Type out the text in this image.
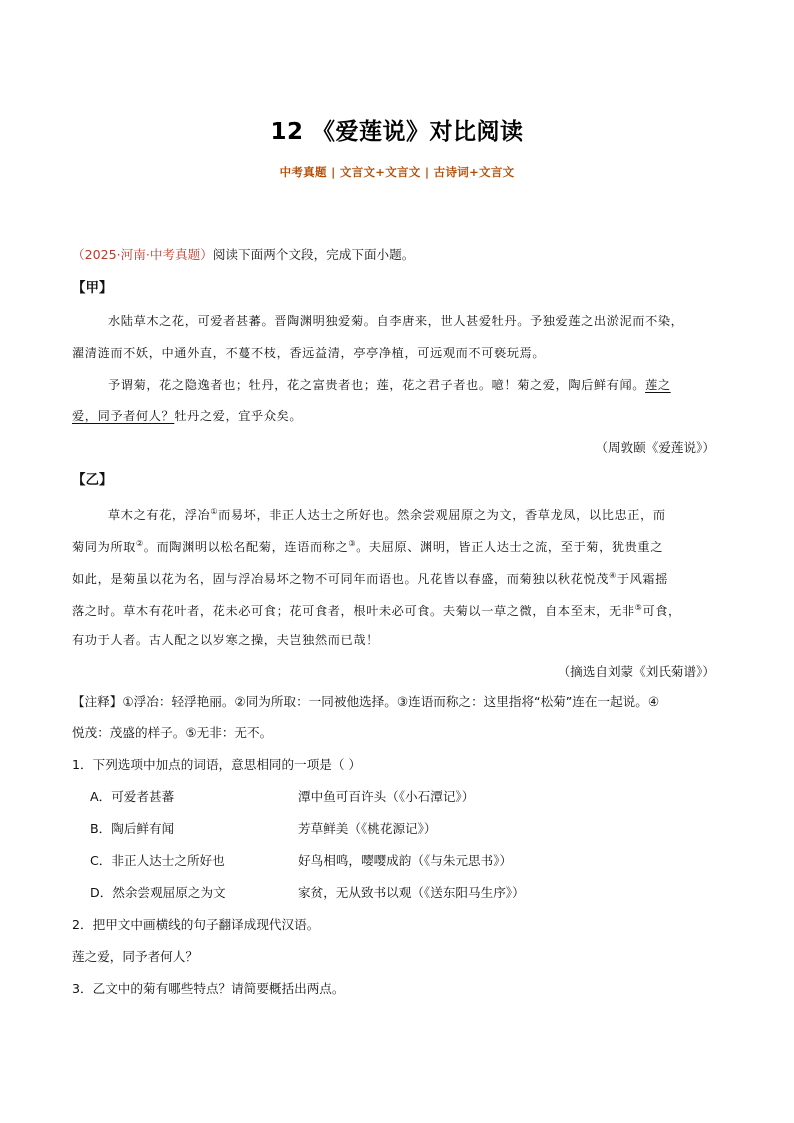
12 《爱莲说》对比阅读
中考真题 | 文言文+文言文 | 古诗词+文言文
（2025·河南·中考真题）阅读下面两个文段，完成下面小题。
【甲】
水陆草木之花，可爱者甚蕃。晋陶渊明独爱菊。自李唐来，世人甚爱牡丹。予独爱莲之出淤泥而不染，
濯清涟而不妖，中通外直，不蔓不枝，香远益清，亭亭净植，可远观而不可亵玩焉。
予谓菊，花之隐逸者也；牡丹，花之富贵者也；莲，花之君子者也。噫！菊之爱，陶后鲜有闻。莲之
爱，同予者何人？牡丹之爱，宜乎众矣。
（周敦颐《爱莲说》）
【乙】
草木之有花，浮冶①而易坏，非正人达士之所好也。然余尝观屈原之为文，香草龙凤，以比忠正，而
菊同为所取②。而陶渊明以松名配菊，连语而称之③。夫屈原、渊明，皆正人达士之流，至于菊，犹贵重之
如此，是菊虽以花为名，固与浮冶易坏之物不可同年而语也。凡花皆以春盛，而菊独以秋花悦茂④于风霜摇
落之时。草木有花叶者，花未必可食；花可食者，根叶未必可食。夫菊以一草之微，自本至末，无非⑤可食，
有功于人者。古人配之以岁寒之操，夫岂独然而已哉！
（摘选自刘蒙《刘氏菊谱》）
【注释】①浮冶：轻浮艳丽。②同为所取：一同被他选择。③连语而称之：这里指将“松菊”连在一起说。④
悦茂：茂盛的样子。⑤无非：无不。
1．下列选项中加点的词语，意思相同的一项是（ ）
A．可爱者甚蕃	潭中鱼可百许头（《小石潭记》）
B．陶后鲜有闻	芳草鲜美（《桃花源记》）
C．非正人达士之所好也	好鸟相鸣，嘤嘤成韵（《与朱元思书》）
D．然余尝观屈原之为文	家贫，无从致书以观（《送东阳马生序》）
2．把甲文中画横线的句子翻译成现代汉语。
莲之爱，同予者何人？
3．乙文中的菊有哪些特点？请简要概括出两点。
